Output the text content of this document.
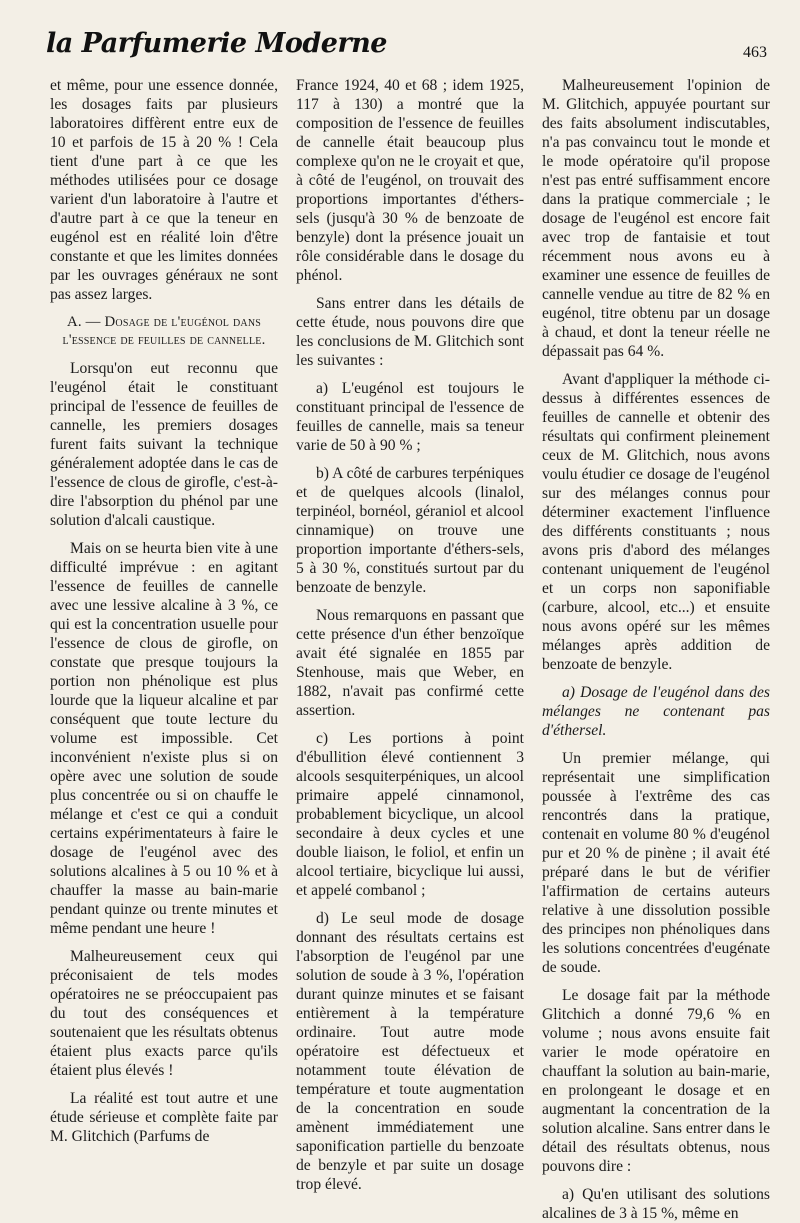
la Parfumerie Moderne	463

et même, pour une essence donnée, les dosages faits par plusieurs laboratoires diffèrent entre eux de 10 et parfois de 15 à 20 % ! Cela tient d'une part à ce que les méthodes utilisées pour ce dosage varient d'un laboratoire à l'autre et d'autre part à ce que la teneur en eugénol est en réalité loin d'être constante et que les limites données par les ouvrages généraux ne sont pas assez larges.

A. — Dosage de l'eugénol dans l'essence de feuilles de cannelle.

Lorsqu'on eut reconnu que l'eugénol était le constituant principal de l'essence de feuilles de cannelle, les premiers dosages furent faits suivant la technique généralement adoptée dans le cas de l'essence de clous de girofle, c'est-à-dire l'absorption du phénol par une solution d'alcali caustique.

Mais on se heurta bien vite à une difficulté imprévue : en agitant l'essence de feuilles de cannelle avec une lessive alcaline à 3 %, ce qui est la concentration usuelle pour l'essence de clous de girofle, on constate que presque toujours la portion non phénolique est plus lourde que la liqueur alcaline et par conséquent que toute lecture du volume est impossible. Cet inconvénient n'existe plus si on opère avec une solution de soude plus concentrée ou si on chauffe le mélange et c'est ce qui a conduit certains expérimentateurs à faire le dosage de l'eugénol avec des solutions alcalines à 5 ou 10 % et à chauffer la masse au bain-marie pendant quinze ou trente minutes et même pendant une heure !

Malheureusement ceux qui préconisaient de tels modes opératoires ne se préoccupaient pas du tout des conséquences et soutenaient que les résultats obtenus étaient plus exacts parce qu'ils étaient plus élevés !

La réalité est tout autre et une étude sérieuse et complète faite par M. Glitchich (Parfums de

France 1924, 40 et 68 ; idem 1925, 117 à 130) a montré que la composition de l'essence de feuilles de cannelle était beaucoup plus complexe qu'on ne le croyait et que, à côté de l'eugénol, on trouvait des proportions importantes d'éthers-sels (jusqu'à 30 % de benzoate de benzyle) dont la présence jouait un rôle considérable dans le dosage du phénol.

Sans entrer dans les détails de cette étude, nous pouvons dire que les conclusions de M. Glitchich sont les suivantes :

a) L'eugénol est toujours le constituant principal de l'essence de feuilles de cannelle, mais sa teneur varie de 50 à 90 % ;

b) A côté de carbures terpéniques et de quelques alcools (linalol, terpinéol, bornéol, géraniol et alcool cinnamique) on trouve une proportion importante d'éthers-sels, 5 à 30 %, constitués surtout par du benzoate de benzyle.

Nous remarquons en passant que cette présence d'un éther benzoïque avait été signalée en 1855 par Stenhouse, mais que Weber, en 1882, n'avait pas confirmé cette assertion.

c) Les portions à point d'ébullition élevé contiennent 3 alcools sesquiterpéniques, un alcool primaire appelé cinnamonol, probablement bicyclique, un alcool secondaire à deux cycles et une double liaison, le foliol, et enfin un alcool tertiaire, bicyclique lui aussi, et appelé combanol ;

d) Le seul mode de dosage donnant des résultats certains est l'absorption de l'eugénol par une solution de soude à 3 %, l'opération durant quinze minutes et se faisant entièrement à la température ordinaire. Tout autre mode opératoire est défectueux et notamment toute élévation de température et toute augmentation de la concentration en soude amènent immédiatement une saponification partielle du benzoate de benzyle et par suite un dosage trop élevé.

Malheureusement l'opinion de M. Glitchich, appuyée pourtant sur des faits absolument indiscutables, n'a pas convaincu tout le monde et le mode opératoire qu'il propose n'est pas entré suffisamment encore dans la pratique commerciale ; le dosage de l'eugénol est encore fait avec trop de fantaisie et tout récemment nous avons eu à examiner une essence de feuilles de cannelle vendue au titre de 82 % en eugénol, titre obtenu par un dosage à chaud, et dont la teneur réelle ne dépassait pas 64 %.

Avant d'appliquer la méthode ci-dessus à différentes essences de feuilles de cannelle et obtenir des résultats qui confirment pleinement ceux de M. Glitchich, nous avons voulu étudier ce dosage de l'eugénol sur des mélanges connus pour déterminer exactement l'influence des différents constituants ; nous avons pris d'abord des mélanges contenant uniquement de l'eugénol et un corps non saponifiable (carbure, alcool, etc...) et ensuite nous avons opéré sur les mêmes mélanges après addition de benzoate de benzyle.

a) Dosage de l'eugénol dans des mélanges ne contenant pas d'éthersel.

Un premier mélange, qui représentait une simplification poussée à l'extrême des cas rencontrés dans la pratique, contenait en volume 80 % d'eugénol pur et 20 % de pinène ; il avait été préparé dans le but de vérifier l'affirmation de certains auteurs relative à une dissolution possible des principes non phénoliques dans les solutions concentrées d'eugénate de soude.

Le dosage fait par la méthode Glitchich a donné 79,6 % en volume ; nous avons ensuite fait varier le mode opératoire en chauffant la solution au bain-marie, en prolongeant le dosage et en augmentant la concentration de la solution alcaline. Sans entrer dans le détail des résultats obtenus, nous pouvons dire :

a) Qu'en utilisant des solutions alcalines de 3 à 15 %, même en
